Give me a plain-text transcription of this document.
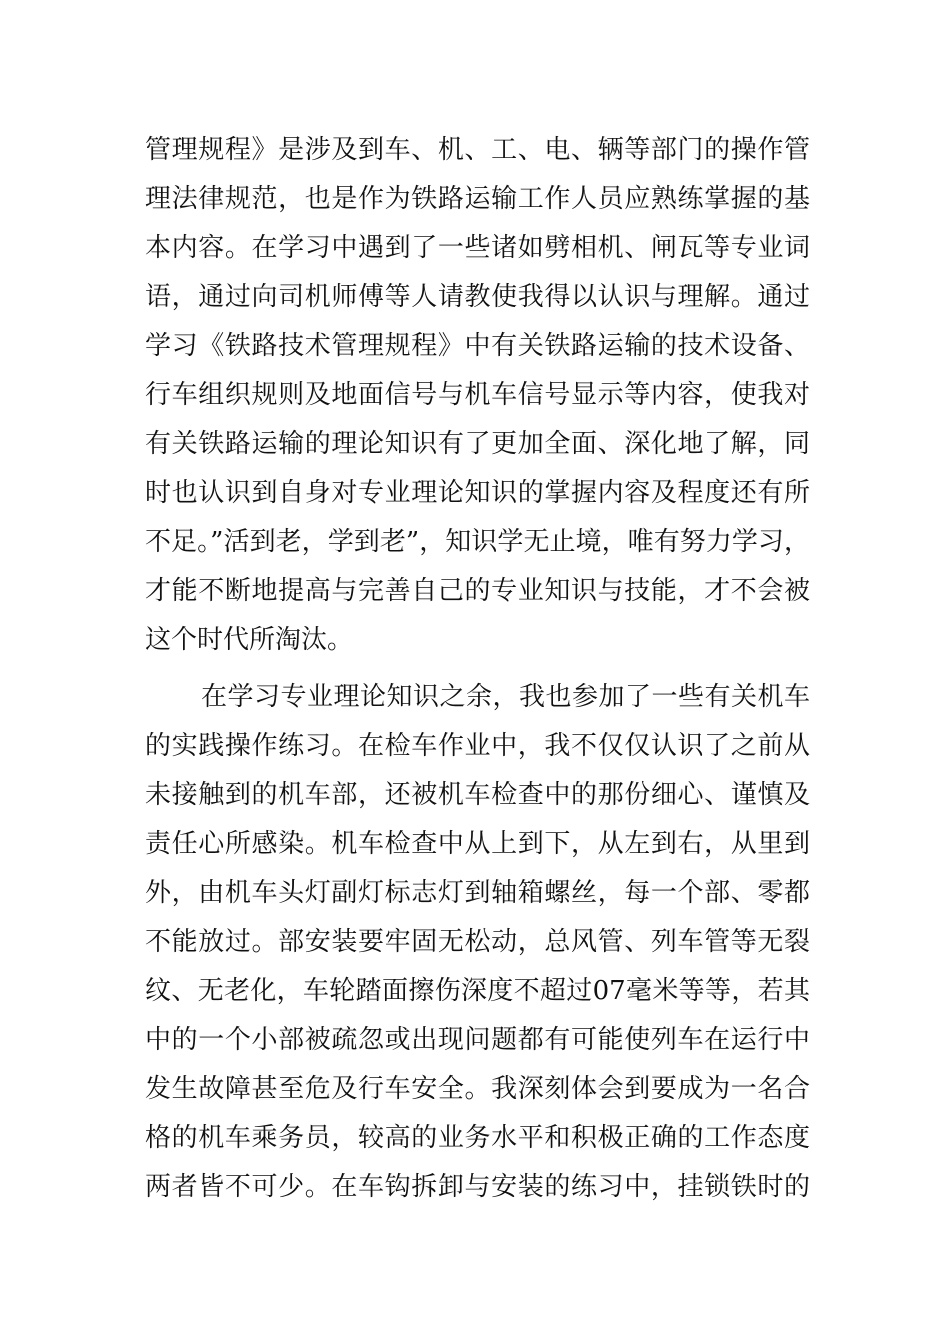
管理规程》是涉及到车、机、工、电、辆等部门的操作管
理法律规范，也是作为铁路运输工作人员应熟练掌握的基
本内容。在学习中遇到了一些诸如劈相机、闸瓦等专业词
语，通过向司机师傅等人请教使我得以认识与理解。通过
学习《铁路技术管理规程》中有关铁路运输的技术设备、
行车组织规则及地面信号与机车信号显示等内容，使我对
有关铁路运输的理论知识有了更加全面、深化地了解，同
时也认识到自身对专业理论知识的掌握内容及程度还有所
不足。”活到老，学到老”，知识学无止境，唯有努力学习，
才能不断地提高与完善自己的专业知识与技能，才不会被
这个时代所淘汰。
在学习专业理论知识之余，我也参加了一些有关机车
的实践操作练习。在检车作业中，我不仅仅认识了之前从
未接触到的机车部，还被机车检查中的那份细心、谨慎及
责任心所感染。机车检查中从上到下，从左到右，从里到
外，由机车头灯副灯标志灯到轴箱螺丝，每一个部、零都
不能放过。部安装要牢固无松动，总风管、列车管等无裂
纹、无老化，车轮踏面擦伤深度不超过07毫米等等，若其
中的一个小部被疏忽或出现问题都有可能使列车在运行中
发生故障甚至危及行车安全。我深刻体会到要成为一名合
格的机车乘务员，较高的业务水平和积极正确的工作态度
两者皆不可少。在车钩拆卸与安装的练习中，挂锁铁时的
